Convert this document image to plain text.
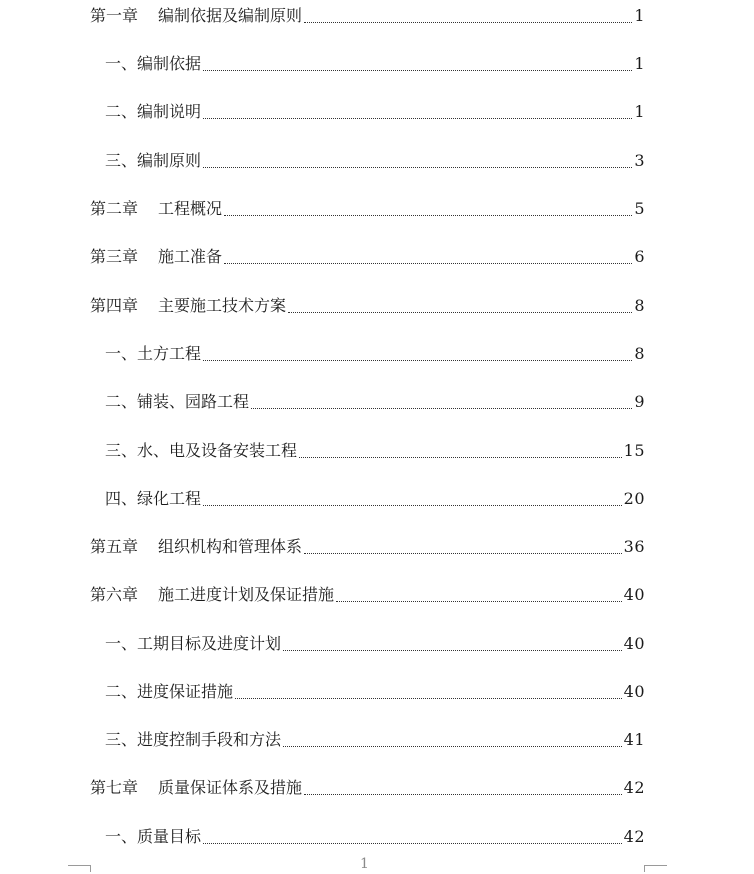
第一章 编制依据及编制原则	1
一、编制依据	1
二、编制说明	1
三、编制原则	3
第二章 工程概况	5
第三章 施工准备	6
第四章 主要施工技术方案	8
一、土方工程	8
二、铺装、园路工程	9
三、水、电及设备安装工程	15
四、绿化工程	20
第五章 组织机构和管理体系	36
第六章 施工进度计划及保证措施	40
一、工期目标及进度计划	40
二、进度保证措施	40
三、进度控制手段和方法	41
第七章 质量保证体系及措施	42
一、质量目标	42
1
